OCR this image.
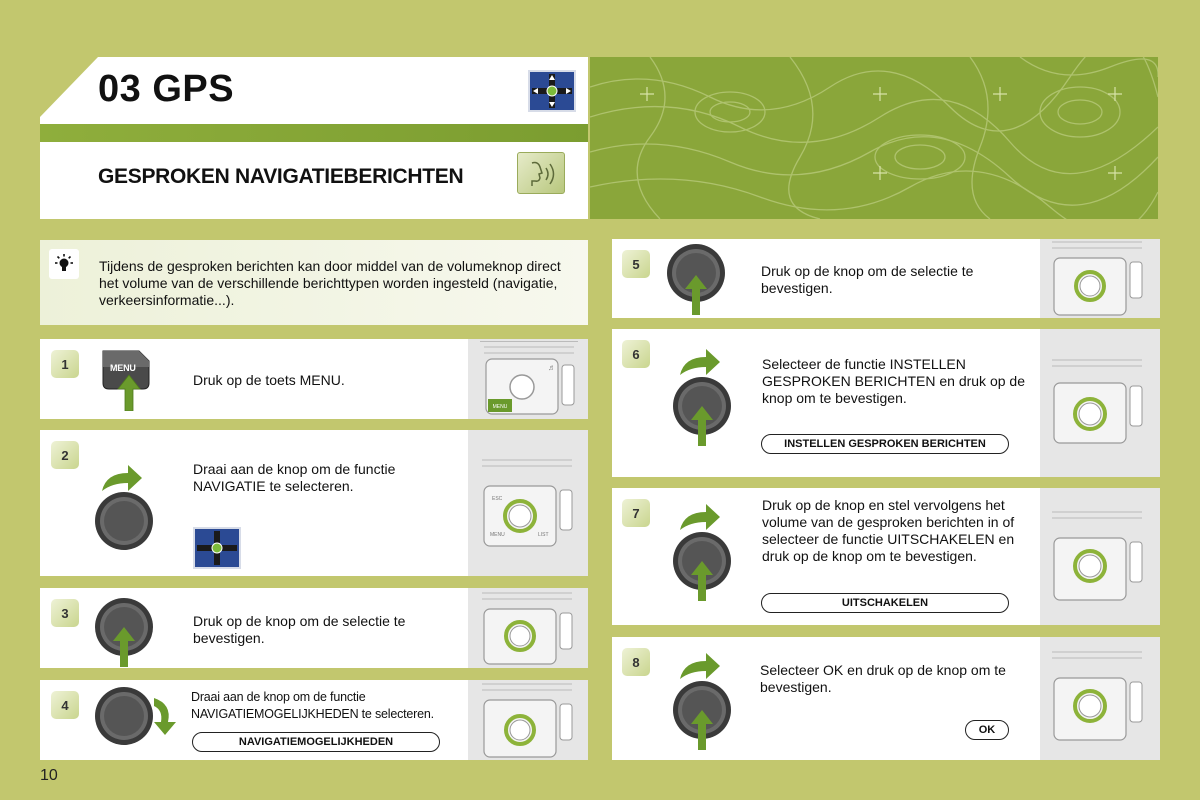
03 GPS
GESPROKEN NAVIGATIEBERICHTEN
Tijdens de gesproken berichten kan door middel van de volumeknop direct het volume van de verschillende berichttypen worden ingesteld (navigatie, verkeersinformatie...).
1	MENU
Druk op de toets MENU.
MENU
♬
2
Draai aan de knop om de functie NAVIGATIE te selecteren.
ESC
MENU	LIST
3	Druk op de knop om de selectie te bevestigen.
4
Draai aan de knop om de functie NAVIGATIEMOGELIJKHEDEN te selecteren.
NAVIGATIEMOGELIJKHEDEN
5	Druk op de knop om de selectie te bevestigen.
6
Selecteer de functie INSTELLEN GESPROKEN BERICHTEN en druk op de knop om te bevestigen.
INSTELLEN GESPROKEN BERICHTEN
7	Druk op de knop en stel vervolgens het volume van de gesproken berichten in of selecteer de functie UITSCHAKELEN en druk op de knop om te bevestigen.
UITSCHAKELEN
8	Selecteer OK en druk op de knop om te bevestigen.
OK
10
